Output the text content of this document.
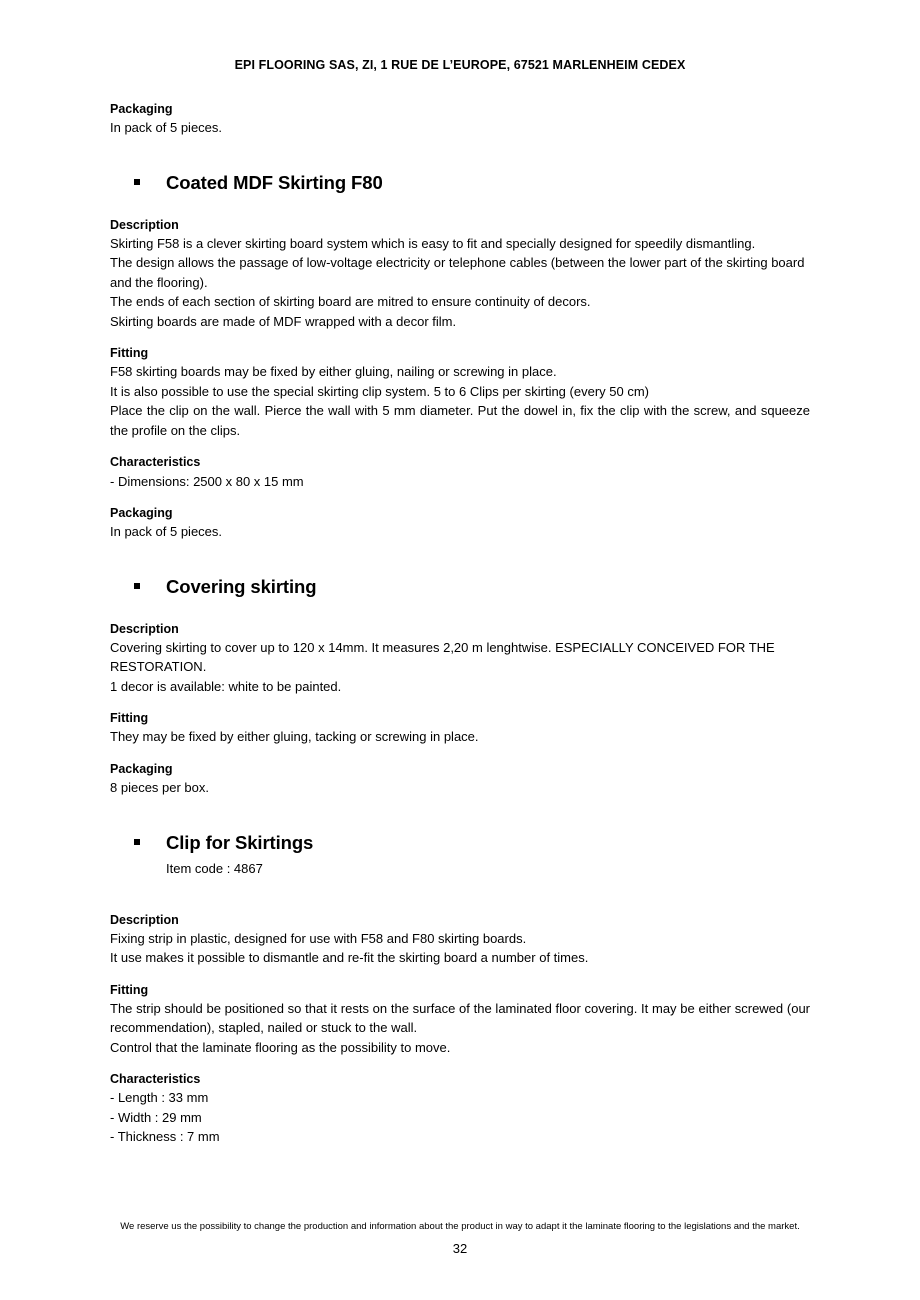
EPI FLOORING SAS, ZI, 1 RUE DE L’EUROPE, 67521 MARLENHEIM CEDEX

Packaging

In pack of 5 pieces.

Coated MDF Skirting F80

Description

Skirting F58 is a clever skirting board system which is easy to fit and specially designed for speedily dismantling.

The design allows the passage of low-voltage electricity or telephone cables (between the lower part of the skirting board and the flooring).

The ends of each section of skirting board are mitred to ensure continuity of decors.

Skirting boards are made of MDF wrapped with a decor film.

Fitting

F58 skirting boards may be fixed by either gluing, nailing or screwing in place.

It is also possible to use the special skirting clip system. 5 to 6 Clips per skirting (every 50 cm)

Place the clip on the wall. Pierce the wall with 5 mm diameter. Put the dowel in, fix the clip with the screw, and squeeze the profile on the clips.

Characteristics

- Dimensions: 2500 x 80 x 15 mm

Packaging

In pack of 5 pieces.

Covering skirting

Description

Covering skirting to cover up to 120 x 14mm. It measures 2,20 m lenghtwise. ESPECIALLY CONCEIVED FOR THE RESTORATION.

1 decor is available: white to be painted.

Fitting

They may be fixed by either gluing, tacking or screwing in place.

Packaging

8 pieces per box.

Clip for Skirtings

Item code : 4867

Description

Fixing strip in plastic, designed for use with F58 and F80 skirting boards.

It use makes it possible to dismantle and re-fit the skirting board a number of times.

Fitting

The strip should be positioned so that it rests on the surface of the laminated floor covering. It may be either screwed (our recommendation), stapled, nailed or stuck to the wall.

Control that the laminate flooring as the possibility to move.

Characteristics

- Length : 33 mm

- Width : 29 mm

- Thickness : 7 mm

We reserve us the possibility to change the production and information about the product in way to adapt it the laminate flooring to the legislations and the market.
32
